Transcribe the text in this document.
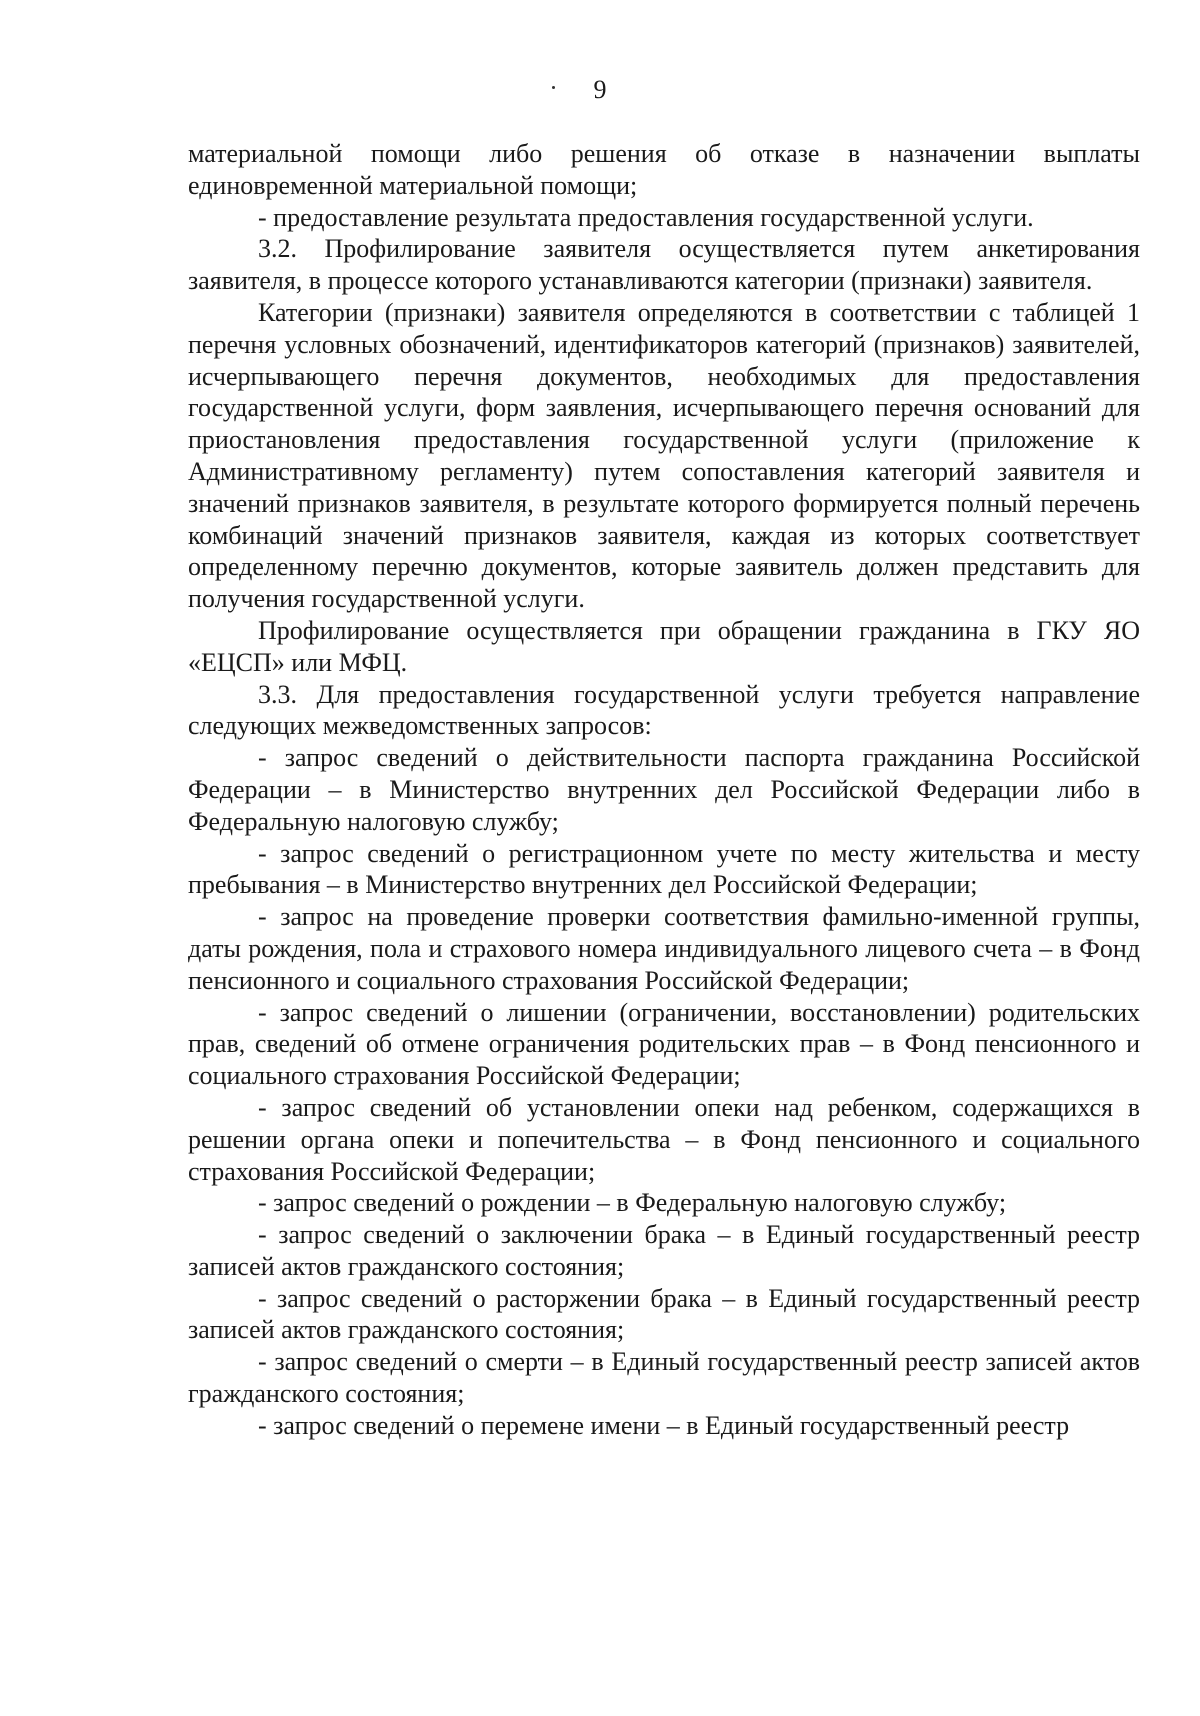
9

материальной помощи либо решения об отказе в назначении выплаты единовременной материальной помощи;

- предоставление результата предоставления государственной услуги.

3.2. Профилирование заявителя осуществляется путем анкетирования заявителя, в процессе которого устанавливаются категории (признаки) заявителя.

Категории (признаки) заявителя определяются в соответствии с таблицей 1 перечня условных обозначений, идентификаторов категорий (признаков) заявителей, исчерпывающего перечня документов, необходимых для предоставления государственной услуги, форм заявления, исчерпывающего перечня оснований для приостановления предоставления государственной услуги (приложение к Административному регламенту) путем сопоставления категорий заявителя и значений признаков заявителя, в результате которого формируется полный перечень комбинаций значений признаков заявителя, каждая из которых соответствует определенному перечню документов, которые заявитель должен представить для получения государственной услуги.

Профилирование осуществляется при обращении гражданина в ГКУ ЯО «ЕЦСП» или МФЦ.

3.3. Для предоставления государственной услуги требуется направление следующих межведомственных запросов:

- запрос сведений о действительности паспорта гражданина Российской Федерации – в Министерство внутренних дел Российской Федерации либо в Федеральную налоговую службу;

- запрос сведений о регистрационном учете по месту жительства и месту пребывания – в Министерство внутренних дел Российской Федерации;

- запрос на проведение проверки соответствия фамильно-именной группы, даты рождения, пола и страхового номера индивидуального лицевого счета – в Фонд пенсионного и социального страхования Российской Федерации;

- запрос сведений о лишении (ограничении, восстановлении) родительских прав, сведений об отмене ограничения родительских прав – в Фонд пенсионного и социального страхования Российской Федерации;

- запрос сведений об установлении опеки над ребенком, содержащихся в решении органа опеки и попечительства – в Фонд пенсионного и социального страхования Российской Федерации;

- запрос сведений о рождении – в Федеральную налоговую службу;

- запрос сведений о заключении брака – в Единый государственный реестр записей актов гражданского состояния;

- запрос сведений о расторжении брака – в Единый государственный реестр записей актов гражданского состояния;

- запрос сведений о смерти – в Единый государственный реестр записей актов гражданского состояния;

- запрос сведений о перемене имени – в Единый государственный реестр
